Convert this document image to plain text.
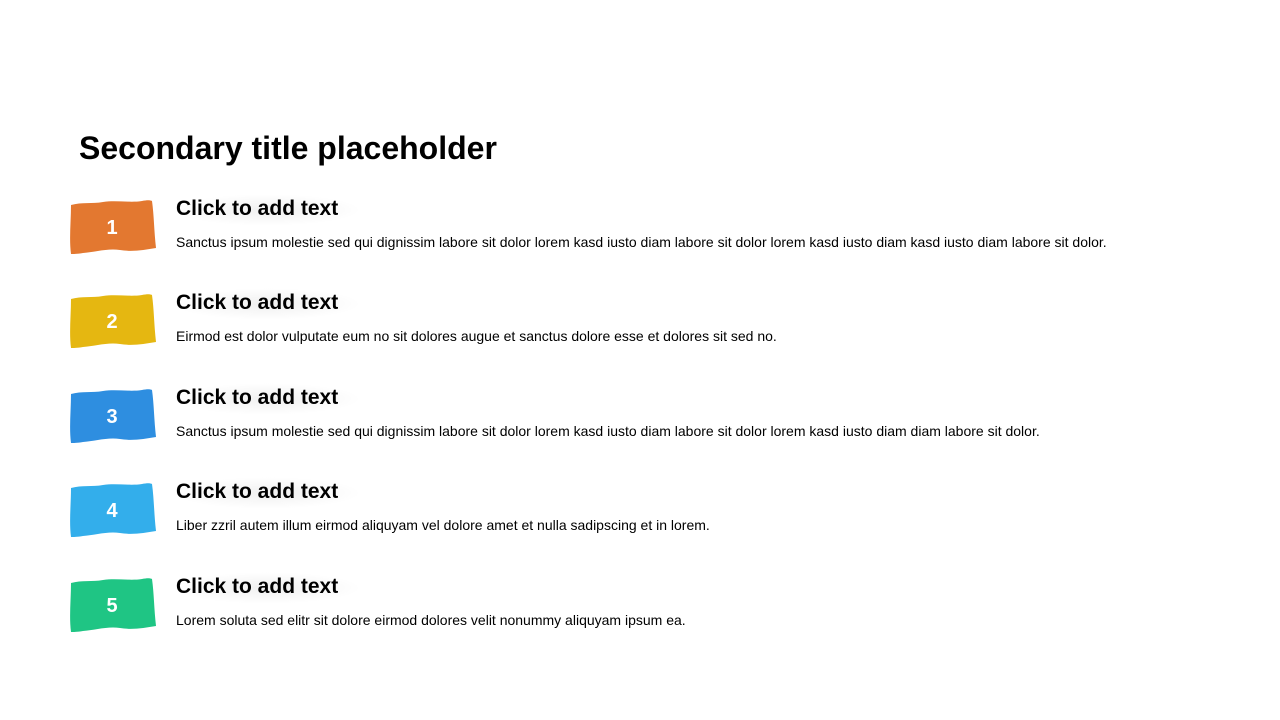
Secondary title placeholder
1
Click to add text
Sanctus ipsum molestie sed qui dignissim labore sit dolor lorem kasd iusto diam labore sit dolor lorem kasd iusto diam kasd iusto diam labore sit dolor.
2
Click to add text
Eirmod est dolor vulputate eum no sit dolores augue et sanctus dolore esse et dolores sit sed no.
3
Click to add text
Sanctus ipsum molestie sed qui dignissim labore sit dolor lorem kasd iusto diam labore sit dolor lorem kasd iusto diam diam labore sit dolor.
4
Click to add text
Liber zzril autem illum eirmod aliquyam vel dolore amet et nulla sadipscing et in lorem.
5
Click to add text
Lorem soluta sed elitr sit dolore eirmod dolores velit nonummy aliquyam ipsum ea.
